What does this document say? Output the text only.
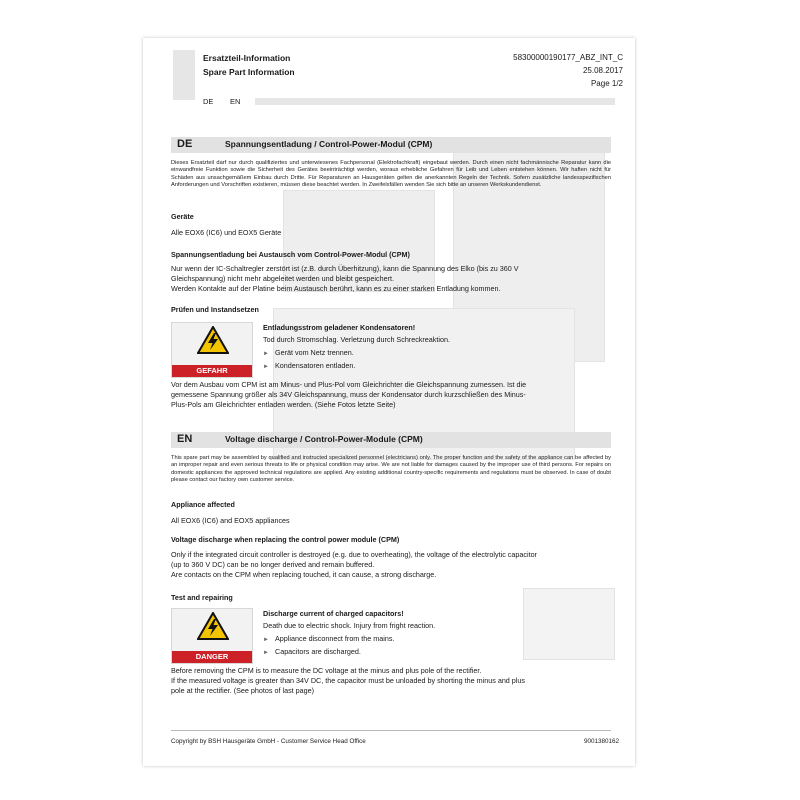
Ersatzteil-Information
Spare Part Information
58300000190177_ABZ_INT_C
25.08.2017
Page 1/2
DE EN
DE	Spannungsentladung / Control-Power-Modul (CPM)
Dieses Ersatzteil darf nur durch qualifiziertes und unterwiesenes Fachpersonal (Elektrofachkraft) eingebaut werden. Durch einen nicht fachmännische Reparatur kann die einwandfreie Funktion sowie die Sicherheit des Gerätes beeinträchtigt werden, woraus erhebliche Gefahren für Leib und Leben entstehen können. Wir haften nicht für Schäden aus unsachgemäßem Einbau durch Dritte. Für Reparaturen an Hausgeräten gelten die anerkannten Regeln der Technik. Sofern zusätzliche landesspezifischen Anforderungen und Vorschriften existieren, müssen diese beachtet werden. In Zweifelsfällen wenden Sie sich bitte an unseren Werkskundendienst.
Geräte
Alle EOX6 (IC6) und EOX5 Geräte
Spannungsentladung bei Austausch vom Control-Power-Modul (CPM)
Nur wenn der IC-Schaltregler zerstört ist (z.B. durch Überhitzung), kann die Spannung des Elko (bis zu 360 V
Gleichspannung) nicht mehr abgeleitet werden und bleibt gespeichert.
Werden Kontakte auf der Platine beim Austausch berührt, kann es zu einer starken Entladung kommen.
Prüfen und Instandsetzen
GEFAHR
Entladungsstrom geladener Kondensatoren!
Tod durch Stromschlag. Verletzung durch Schreckreaktion.
► Gerät vom Netz trennen.
► Kondensatoren entladen.
Vor dem Ausbau vom CPM ist am Minus- und Plus-Pol vom Gleichrichter die Gleichspannung zumessen. Ist die
gemessene Spannung größer als 34V Gleichspannung, muss der Kondensator durch kurzschließen des Minus-
Plus-Pols am Gleichrichter entladen werden. (Siehe Fotos letzte Seite)
EN	Voltage discharge / Control-Power-Module (CPM)
This spare part may be assembled by qualified and instructed specialized personnel (electricians) only. The proper function and the safety of the appliance can be affected by an improper repair and even serious threats to life or physical condition may arise. We are not liable for damages caused by the improper use of third persons. For repairs on domestic appliances the approved technical regulations are applied. Any existing additional country-specific requirements and regulations must be observed. In case of doubt please contact our factory own customer service.
Appliance affected
All EOX6 (IC6) and EOX5 appliances
Voltage discharge when replacing the control power module (CPM)
Only if the integrated circuit controller is destroyed (e.g. due to overheating), the voltage of the electrolytic capacitor
(up to 360 V DC) can be no longer derived and remain buffered.
Are contacts on the CPM when replacing touched, it can cause, a strong discharge.
Test and repairing
DANGER
Discharge current of charged capacitors!
Death due to electric shock. Injury from fright reaction.
► Appliance disconnect from the mains.
► Capacitors are discharged.
Before removing the CPM is to measure the DC voltage at the minus and plus pole of the rectifier.
If the measured voltage is greater than 34V DC, the capacitor must be unloaded by shorting the minus and plus
pole at the rectifier. (See photos of last page)
Copyright by BSH Hausgeräte GmbH - Customer Service Head Office	9001380162
